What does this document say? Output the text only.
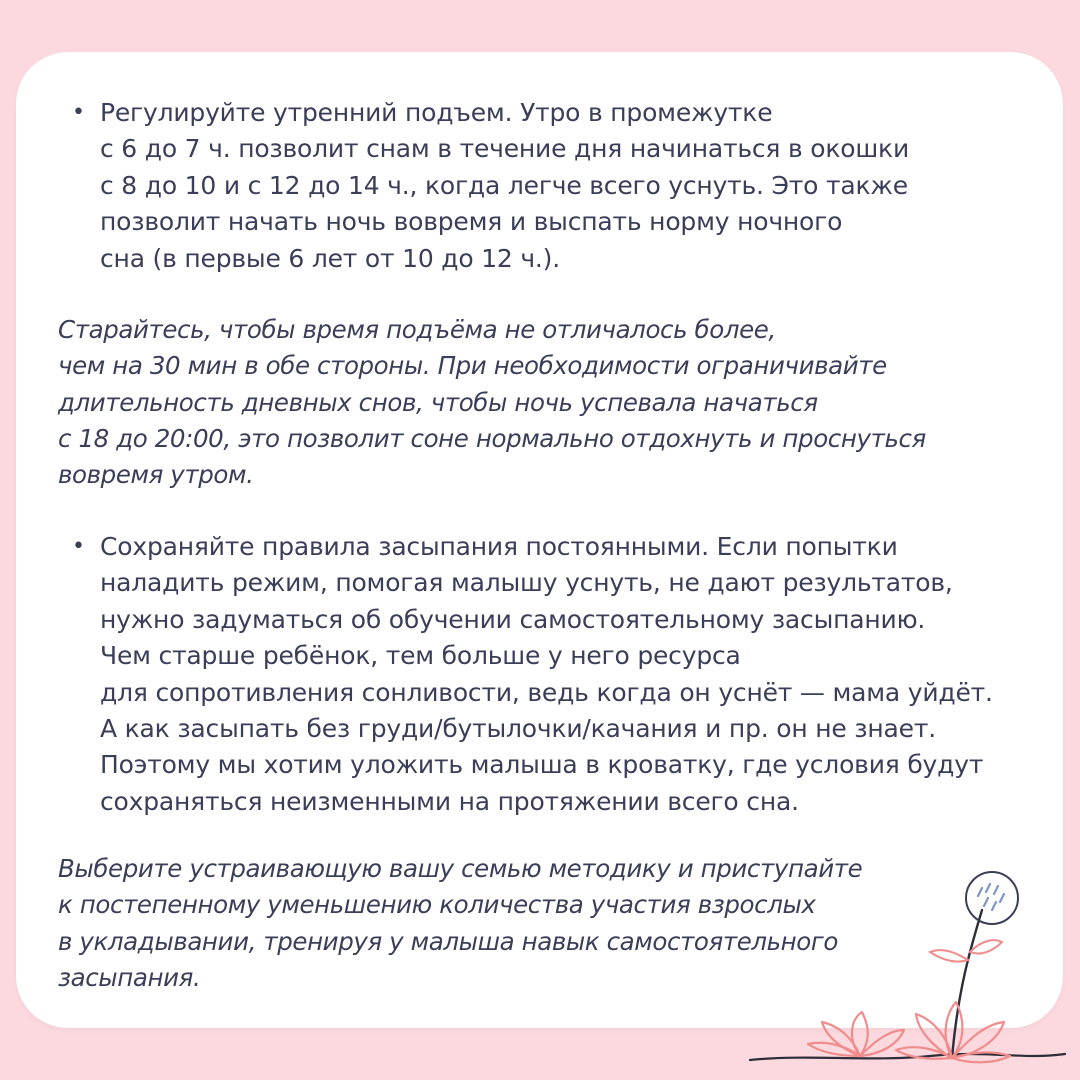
• Регулируйте утренний подъем. Утро в промежутке
с 6 до 7 ч. позволит снам в течение дня начинаться в окошки
с 8 до 10 и с 12 до 14 ч., когда легче всего уснуть. Это также
позволит начать ночь вовремя и выспать норму ночного
сна (в первые 6 лет от 10 до 12 ч.).
Старайтесь, чтобы время подъёма не отличалось более,
чем на 30 мин в обе стороны. При необходимости ограничивайте
длительность дневных снов, чтобы ночь успевала начаться
с 18 до 20:00, это позволит соне нормально отдохнуть и проснуться
вовремя утром.
• Сохраняйте правила засыпания постоянными. Если попытки
наладить режим, помогая малышу уснуть, не дают результатов,
нужно задуматься об обучении самостоятельному засыпанию.
Чем старше ребёнок, тем больше у него ресурса
для сопротивления сонливости, ведь когда он уснёт — мама уйдёт.
А как засыпать без груди/бутылочки/качания и пр. он не знает.
Поэтому мы хотим уложить малыша в кроватку, где условия будут
сохраняться неизменными на протяжении всего сна.
Выберите устраивающую вашу семью методику и приступайте
к постепенному уменьшению количества участия взрослых
в укладывании, тренируя у малыша навык самостоятельного
засыпания.
